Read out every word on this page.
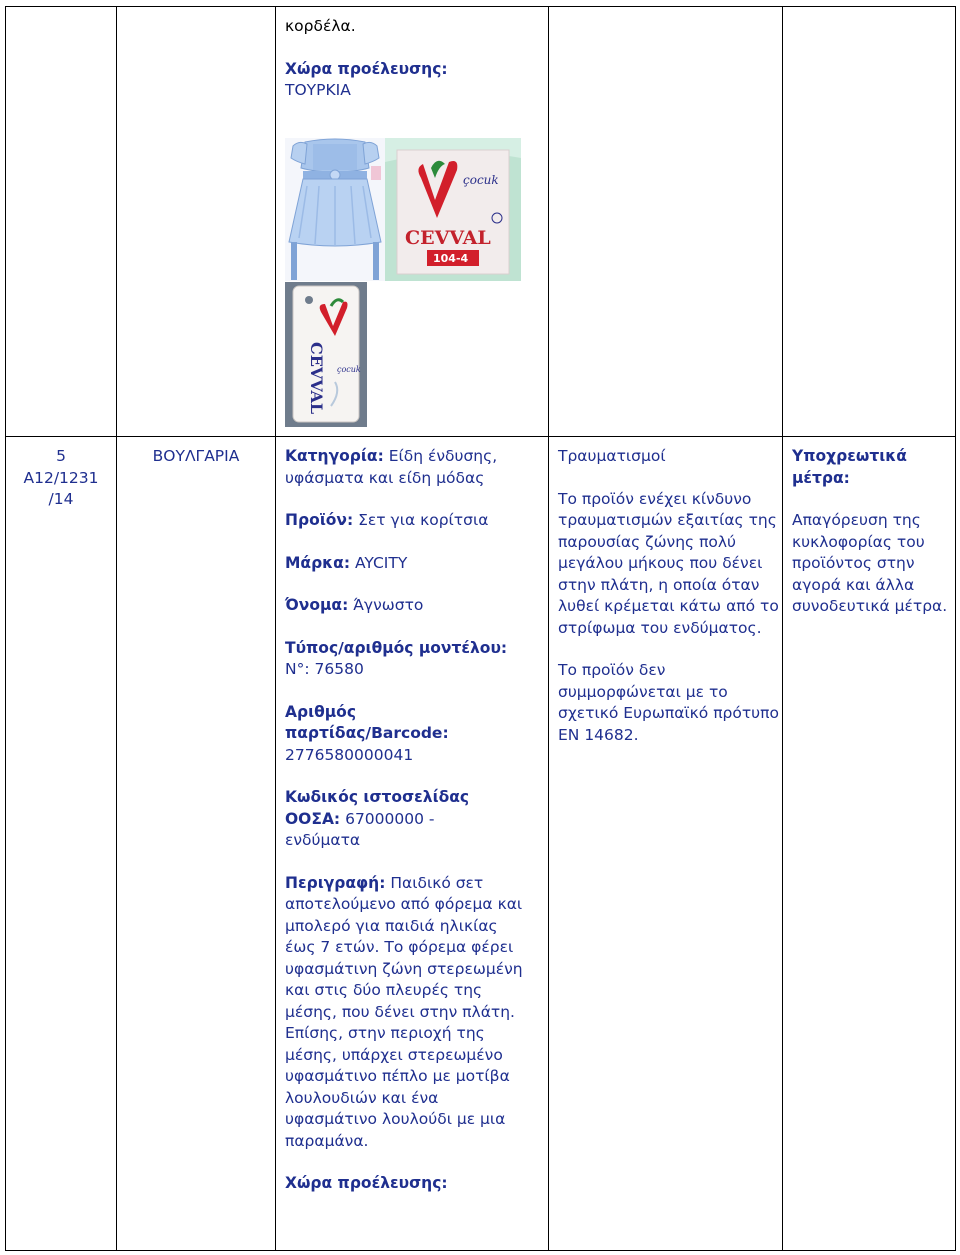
κορδέλα.

Χώρα προέλευσης:

ΤΟΥΡΚΙΑ

çocuk
CEVVAL
104-4
CEVVAL çocuk

5

A12/1231

/14

ΒΟΥΛΓΑΡΙΑ	Κατηγορία: Είδη ένδυσης, υφάσματα και είδη μόδας

Προϊόν: Σετ για κορίτσια

Μάρκα: AYCITY

Όνομα: Άγνωστο

Τύπος/αριθμός μοντέλου:

N°: 76580

Αριθμός παρτίδας/Barcode:

2776580000041

Κωδικός ιστοσελίδας ΟΟΣΑ: 67000000 - ενδύματα

Περιγραφή: Παιδικό σετ αποτελούμενο από φόρεμα και μπολερό για παιδιά ηλικίας έως 7 ετών. Το φόρεμα φέρει υφασμάτινη ζώνη στερεωμένη και στις δύο πλευρές της μέσης, που δένει στην πλάτη. Επίσης, στην περιοχή της μέσης, υπάρχει στερεωμένο υφασμάτινο πέπλο με μοτίβα λουλουδιών και ένα υφασμάτινο λουλούδι με μια παραμάνα.

Χώρα προέλευσης:

Τραυματισμοί

Το προϊόν ενέχει κίνδυνο τραυματισμών εξαιτίας της παρουσίας ζώνης πολύ μεγάλου μήκους που δένει στην πλάτη, η οποία όταν λυθεί κρέμεται κάτω από το στρίφωμα του ενδύματος.

Το προϊόν δεν συμμορφώνεται με το σχετικό Ευρωπαϊκό πρότυπο EN 14682.

Υποχρεωτικά μέτρα:

Απαγόρευση της κυκλοφορίας του προϊόντος στην αγορά και άλλα συνοδευτικά μέτρα.
